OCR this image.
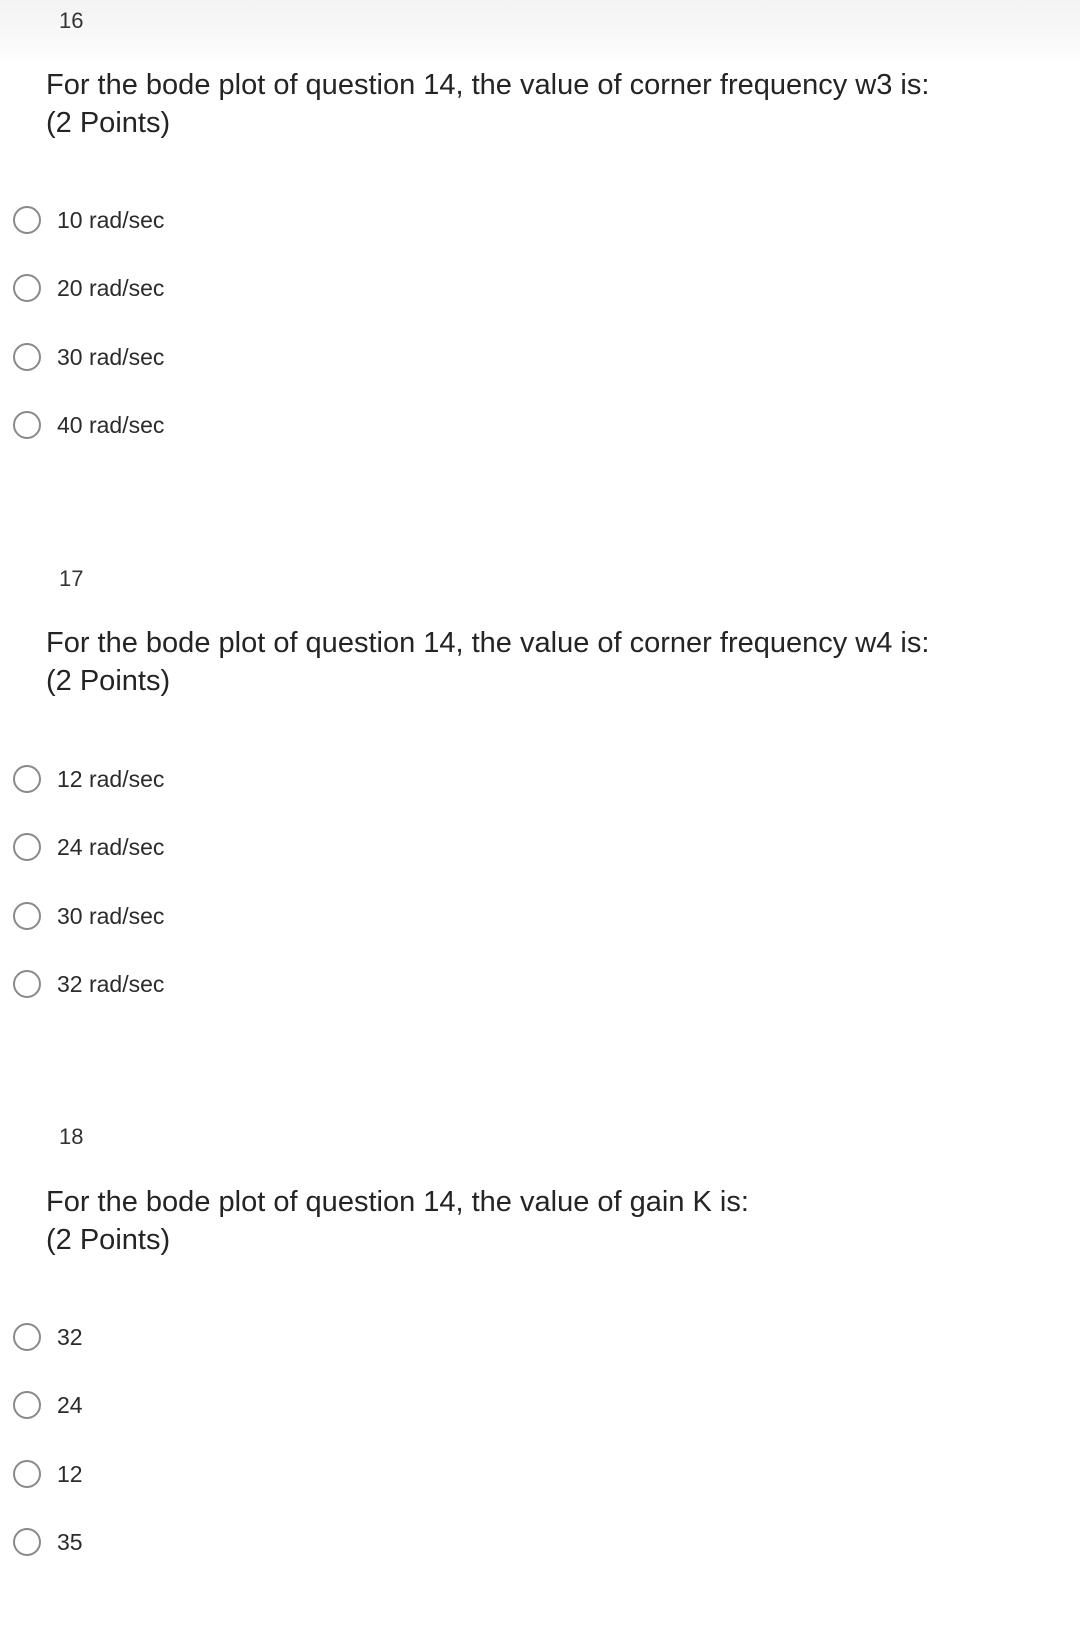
16
For the bode plot of question 14, the value of corner frequency w3 is:
(2 Points)
10 rad/sec
20 rad/sec
30 rad/sec
40 rad/sec
17
For the bode plot of question 14, the value of corner frequency w4 is:
(2 Points)
12 rad/sec
24 rad/sec
30 rad/sec
32 rad/sec
18
For the bode plot of question 14, the value of gain K is:
(2 Points)
32
24
12
35
